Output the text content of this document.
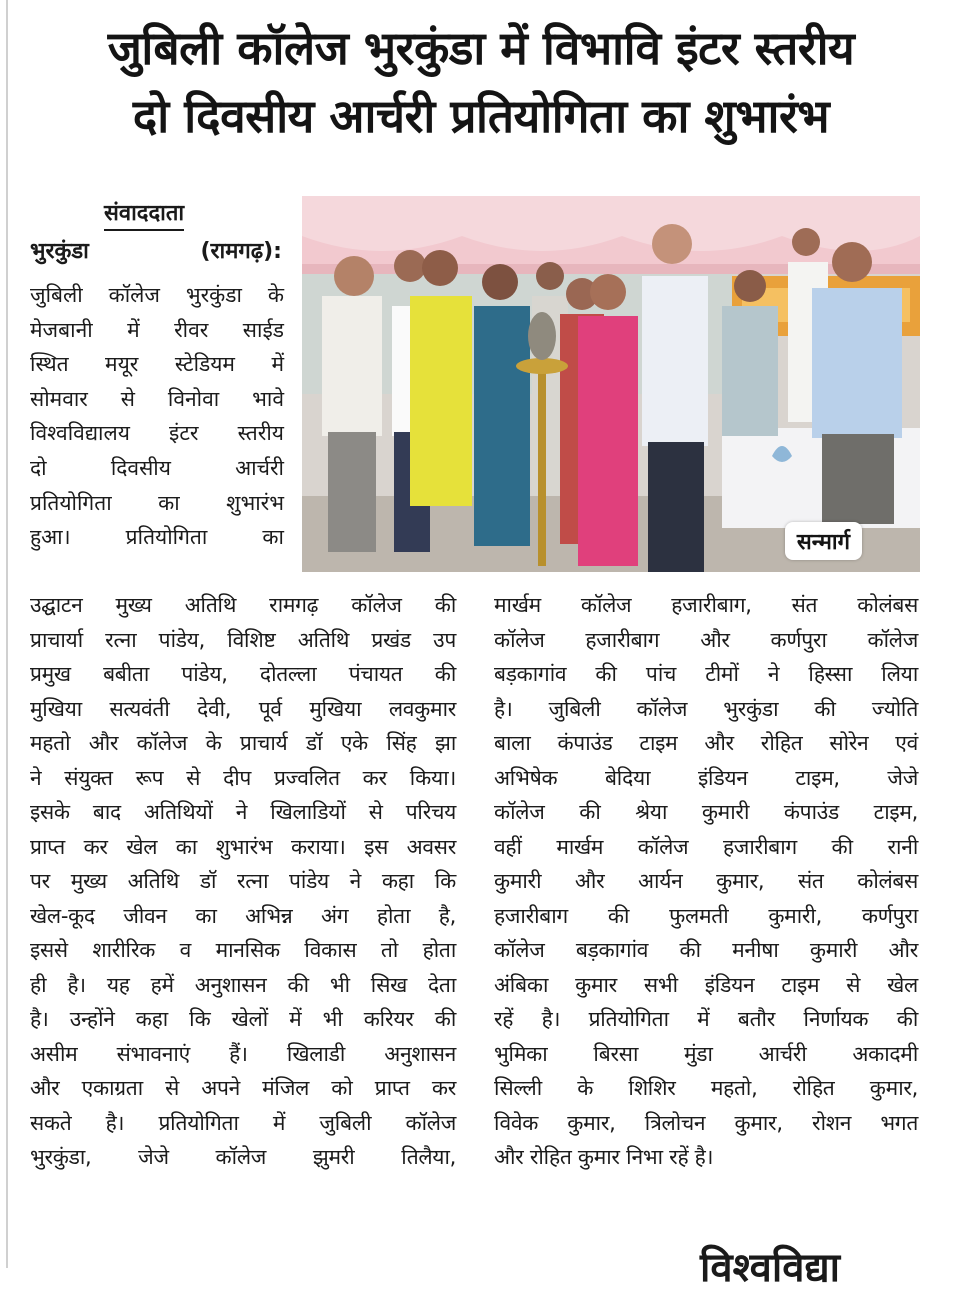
जुबिली कॉलेज भुरकुंडा में विभावि इंटर स्तरीय
दो दिवसीय आर्चरी प्रतियोगिता का शुभारंभ
संवाददाता
भुरकुंडा	(रामगढ़):
जुबिली कॉलेज भुरकुंडा के
मेजबानी में रीवर साईड
स्थित मयूर स्टेडियम में
सोमवार से विनोवा भावे
विश्वविद्यालय इंटर स्तरीय
दो दिवसीय आर्चरी
प्रतियोगिता का शुभारंभ
हुआ। प्रतियोगिता का
उद्घाटन मुख्य अतिथि रामगढ़ कॉलेज की
प्राचार्या रत्ना पांडेय, विशिष्ट अतिथि प्रखंड उप
प्रमुख बबीता पांडेय, दोतल्ला पंचायत की
मुखिया सत्यवंती देवी, पूर्व मुखिया लवकुमार
महतो और कॉलेज के प्राचार्य डॉ एके सिंह झा
ने संयुक्त रूप से दीप प्रज्वलित कर किया।
इसके बाद अतिथियों ने खिलाडियों से परिचय
प्राप्त कर खेल का शुभारंभ कराया। इस अवसर
पर मुख्य अतिथि डॉ रत्ना पांडेय ने कहा कि
खेल-कूद जीवन का अभिन्न अंग होता है,
इससे शारीरिक व मानसिक विकास तो होता
ही है। यह हमें अनुशासन की भी सिख देता
है। उन्होंने कहा कि खेलों में भी करियर की
असीम संभावनाएं हैं। खिलाडी अनुशासन
और एकाग्रता से अपने मंजिल को प्राप्त कर
सकते है। प्रतियोगिता में जुबिली कॉलेज
भुरकुंडा, जेजे कॉलेज झुमरी तिलैया,
मार्खम कॉलेज हजारीबाग, संत कोलंबस
कॉलेज हजारीबाग और कर्णपुरा कॉलेज
बड़कागांव की पांच टीमों ने हिस्सा लिया
है। जुबिली कॉलेज भुरकुंडा की ज्योति
बाला कंपाउंड टाइम और रोहित सोरेन एवं
अभिषेक बेदिया इंडियन टाइम, जेजे
कॉलेज की श्रेया कुमारी कंपाउंड टाइम,
वहीं मार्खम कॉलेज हजारीबाग की रानी
कुमारी और आर्यन कुमार, संत कोलंबस
हजारीबाग की फुलमती कुमारी, कर्णपुरा
कॉलेज बड़कागांव की मनीषा कुमारी और
अंबिका कुमार सभी इंडियन टाइम से खेल
रहें है। प्रतियोगिता में बतौर निर्णायक की
भुमिका बिरसा मुंडा आर्चरी अकादमी
सिल्ली के शिशिर महतो, रोहित कुमार,
विवेक कुमार, त्रिलोचन कुमार, रोशन भगत
और रोहित कुमार निभा रहें है।
सन्मार्ग
विश्वविद्या
